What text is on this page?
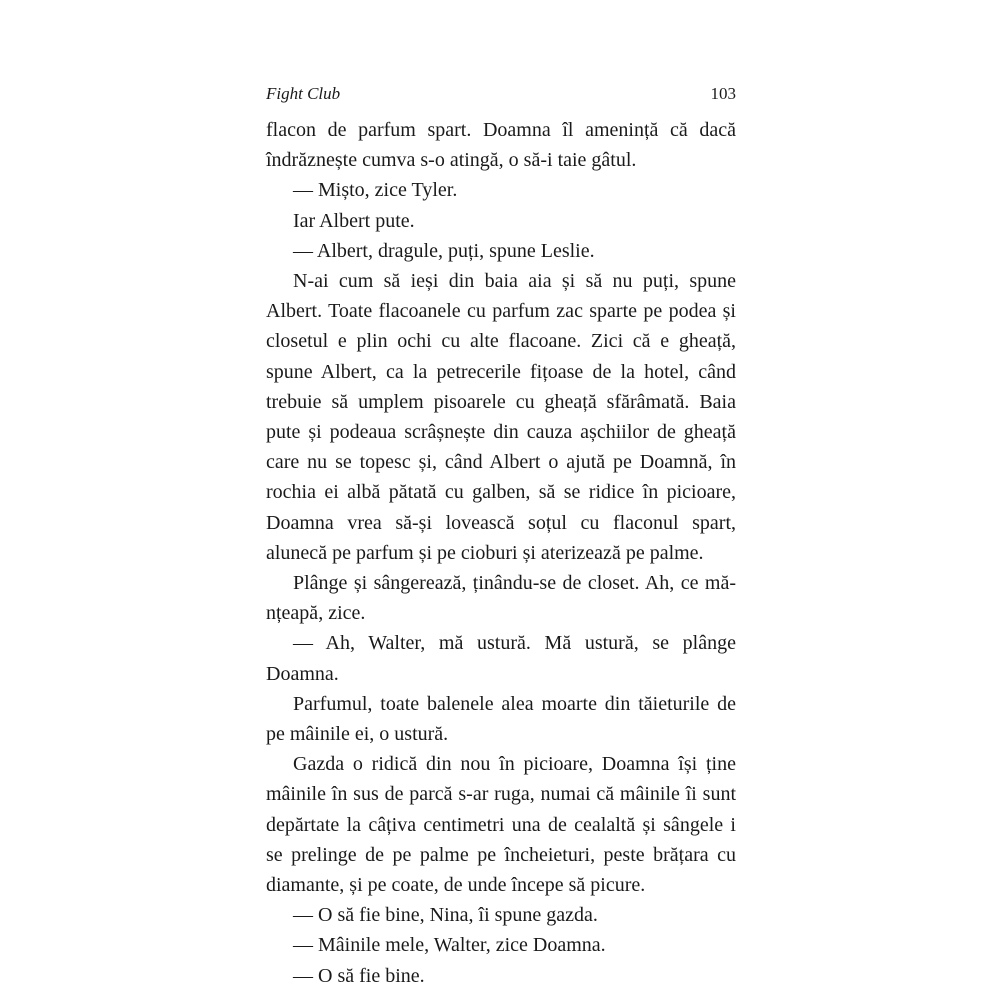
Fight Club	103

flacon de parfum spart. Doamna îl amenință că dacă îndrăznește cumva s-o atingă, o să-i taie gâtul.

— Mișto, zice Tyler.

Iar Albert pute.

— Albert, dragule, puți, spune Leslie.

N-ai cum să ieși din baia aia și să nu puți, spune Albert. Toate flacoanele cu parfum zac sparte pe podea și closetul e plin ochi cu alte flacoane. Zici că e gheață, spune Albert, ca la petrecerile fițoase de la hotel, când trebuie să umplem pisoarele cu gheață sfărâmată. Baia pute și podeaua scrâșnește din cauza așchiilor de gheață care nu se topesc și, când Albert o ajută pe Doamnă, în rochia ei albă pătată cu galben, să se ridice în picioare, Doamna vrea să-și lovească soțul cu flaconul spart, alunecă pe parfum și pe cioburi și aterizează pe palme.

Plânge și sângerează, ținându-se de closet. Ah, ce mă-nțeapă, zice.

— Ah, Walter, mă ustură. Mă ustură, se plânge Doamna.

Parfumul, toate balenele alea moarte din tăieturile de pe mâinile ei, o ustură.

Gazda o ridică din nou în picioare, Doamna își ține mâinile în sus de parcă s-ar ruga, numai că mâinile îi sunt depărtate la câțiva centimetri una de cealaltă și sângele i se prelinge de pe palme pe încheieturi, peste brățara cu diamante, și pe coate, de unde începe să picure.

— O să fie bine, Nina, îi spune gazda.

— Mâinile mele, Walter, zice Doamna.

— O să fie bine.
